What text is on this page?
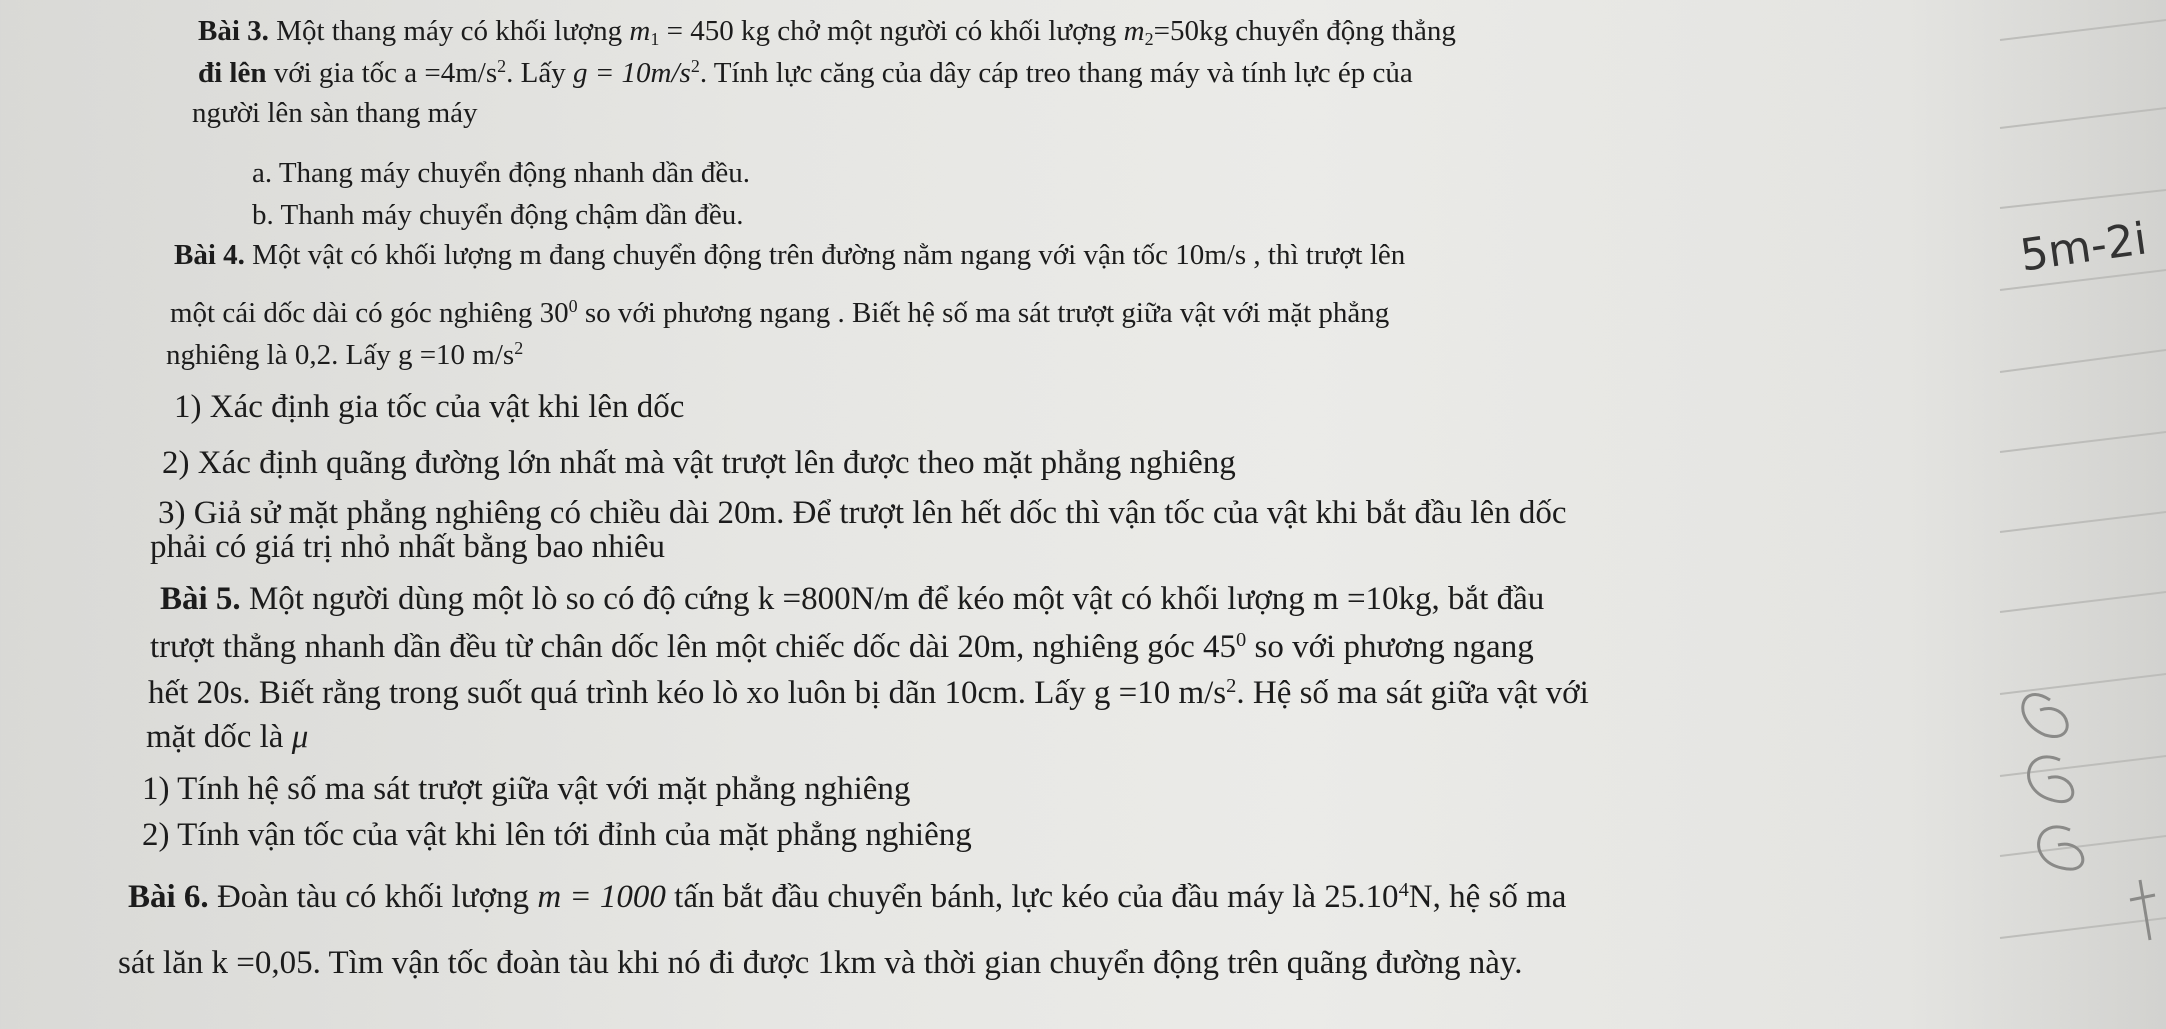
Bài 3. Một thang máy có khối lượng m1 = 450 kg chở một người có khối lượng m2=50kg chuyển động thẳng
đi lên với gia tốc $a =4m/s^2$. Lấy $g = 10m/s^2$. Tính lực căng của dây cáp treo thang máy và tính lực ép của
người lên sàn thang máy
a. Thang máy chuyển động nhanh dần đều.
b. Thanh máy chuyển động chậm dần đều.
Bài 4. Một vật có khối lượng m đang chuyển động trên đường nằm ngang với vận tốc 10m/s , thì trượt lên
một cái dốc dài có góc nghiêng $30^0$ so với phương ngang . Biết hệ số ma sát trượt giữa vật với mặt phẳng
nghiêng là 0,2. Lấy g =10 $m/s^2$
1) Xác định gia tốc của vật khi lên dốc
2) Xác định quãng đường lớn nhất mà vật trượt lên được theo mặt phẳng nghiêng
3) Giả sử mặt phẳng nghiêng có chiều dài 20m. Để trượt lên hết dốc thì vận tốc của vật khi bắt đầu lên dốc
phải có giá trị nhỏ nhất bằng bao nhiêu
Bài 5. Một người dùng một lò so có độ cứng k =800N/m để kéo một vật có khối lượng m =10kg, bắt đầu
trượt thẳng nhanh dần đều từ chân dốc lên một chiếc dốc dài 20m, nghiêng góc $45^0$ so với phương ngang
hết 20s. Biết rằng trong suốt quá trình kéo lò xo luôn bị dãn 10cm. Lấy g =10 $m/s^2$. Hệ số ma sát giữa vật với
mặt dốc là μ
1) Tính hệ số ma sát trượt giữa vật với mặt phẳng nghiêng
2) Tính vận tốc của vật khi lên tới đỉnh của mặt phẳng nghiêng
Bài 6. Đoàn tàu có khối lượng m = 1000 tấn bắt đầu chuyển bánh, lực kéo của đầu máy là 25.10$^4$N, hệ số ma
sát lăn k =0,05. Tìm vận tốc đoàn tàu khi nó đi được 1km và thời gian chuyển động trên quãng đường này.
5m-2i
